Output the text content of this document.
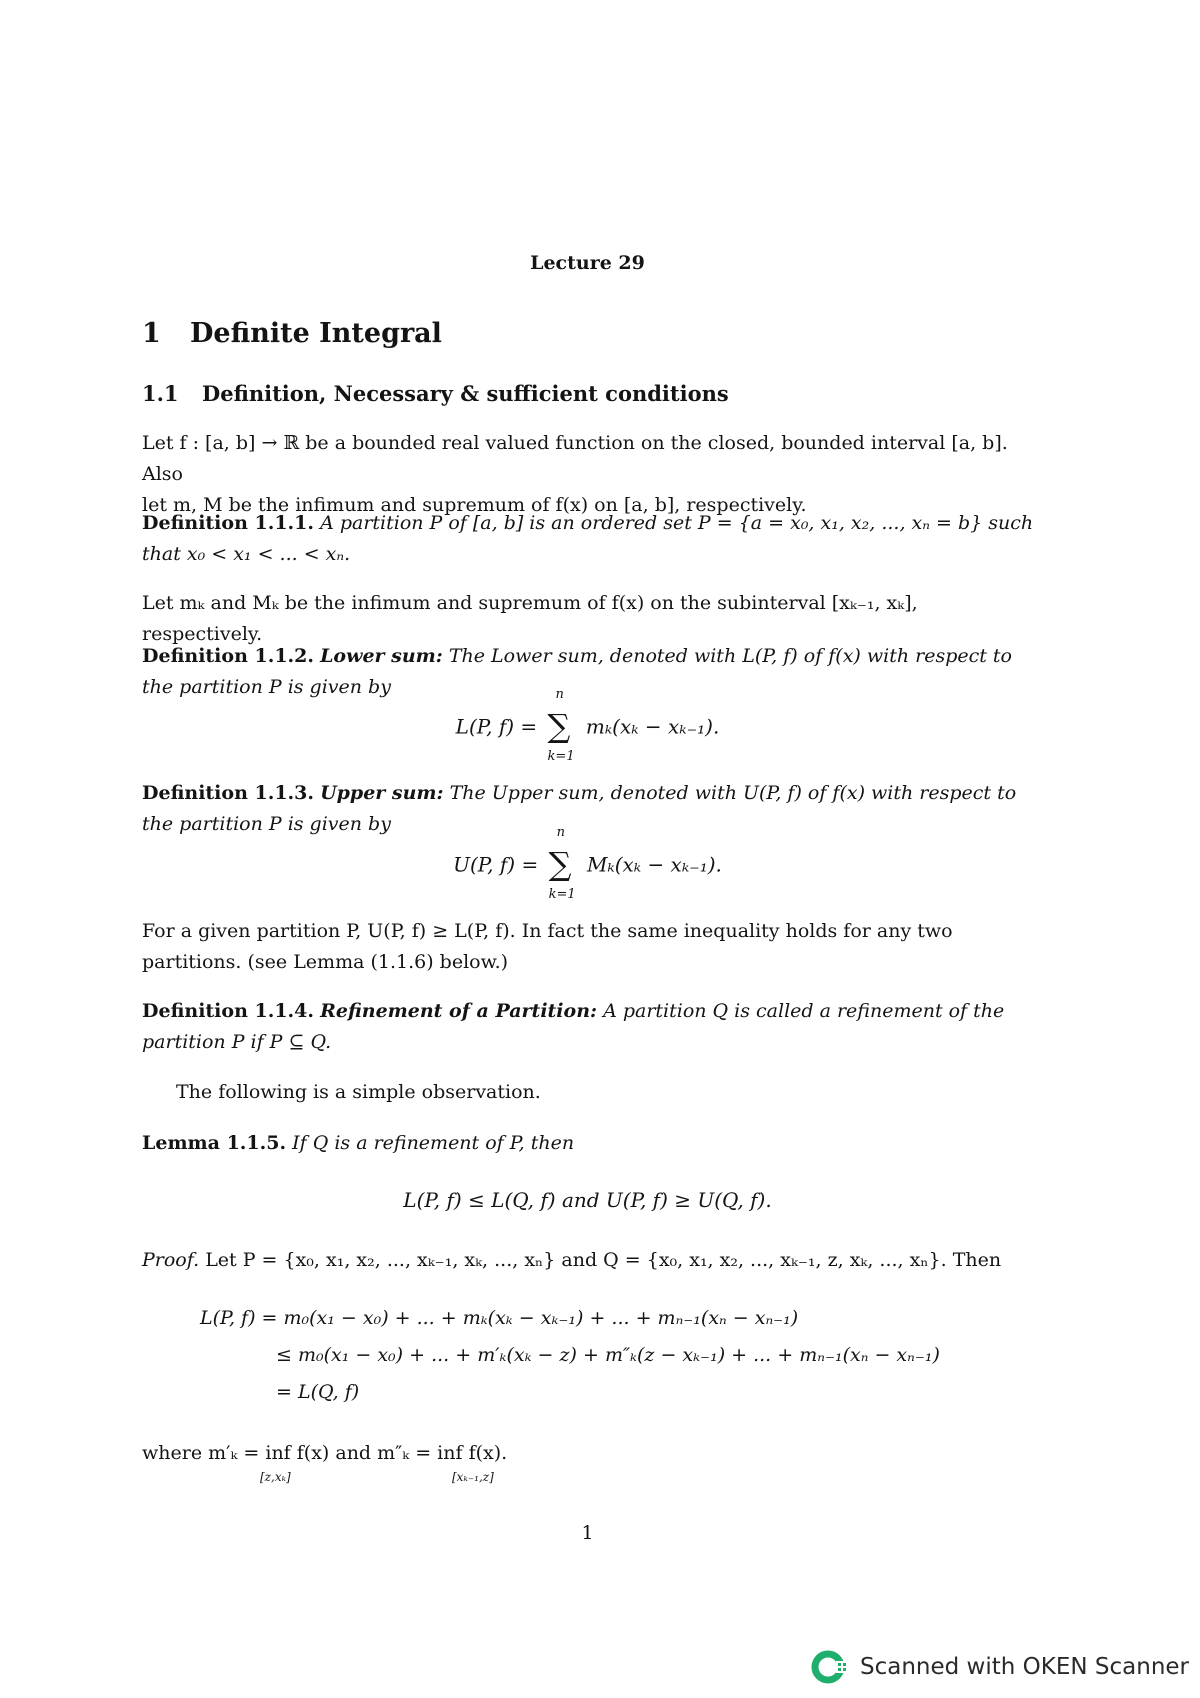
Lecture 29
1 Definite Integral
1.1 Definition, Necessary & sufficient conditions
Let f : [a, b] → ℝ be a bounded real valued function on the closed, bounded interval [a, b]. Also
let m, M be the infimum and supremum of f(x) on [a, b], respectively.
Definition 1.1.1. A partition P of [a, b] is an ordered set P = {a = x₀, x₁, x₂, ..., xₙ = b} such
that x₀ < x₁ < ... < xₙ.
Let mₖ and Mₖ be the infimum and supremum of f(x) on the subinterval [xₖ₋₁, xₖ], respectively.
Definition 1.1.2. Lower sum: The Lower sum, denoted with L(P, f) of f(x) with respect to
the partition P is given by
L(P, f) = ∑
n
k=1
mₖ(xₖ − xₖ₋₁).
Definition 1.1.3. Upper sum: The Upper sum, denoted with U(P, f) of f(x) with respect to
the partition P is given by
U(P, f) = ∑
n
k=1
Mₖ(xₖ − xₖ₋₁).
For a given partition P, U(P, f) ≥ L(P, f). In fact the same inequality holds for any two
partitions. (see Lemma (1.1.6) below.)
Definition 1.1.4. Refinement of a Partition: A partition Q is called a refinement of the
partition P if P ⊆ Q.
The following is a simple observation.
Lemma 1.1.5. If Q is a refinement of P, then
L(P, f) ≤ L(Q, f) and U(P, f) ≥ U(Q, f).
Proof. Let P = {x₀, x₁, x₂, ..., xₖ₋₁, xₖ, ..., xₙ} and Q = {x₀, x₁, x₂, ..., xₖ₋₁, z, xₖ, ..., xₙ}. Then
L(P, f) = m₀(x₁ − x₀) + ... + mₖ(xₖ − xₖ₋₁) + ... + mₙ₋₁(xₙ − xₙ₋₁)
≤ m₀(x₁ − x₀) + ... + m′ₖ(xₖ − z) + m″ₖ(z − xₖ₋₁) + ... + mₙ₋₁(xₙ − xₙ₋₁)
= L(Q, f)
where m′ₖ = inf f(x) and m″ₖ = inf f(x).
[z,xₖ]	[xₖ₋₁,z]
1
Scanned with OKEN Scanner
